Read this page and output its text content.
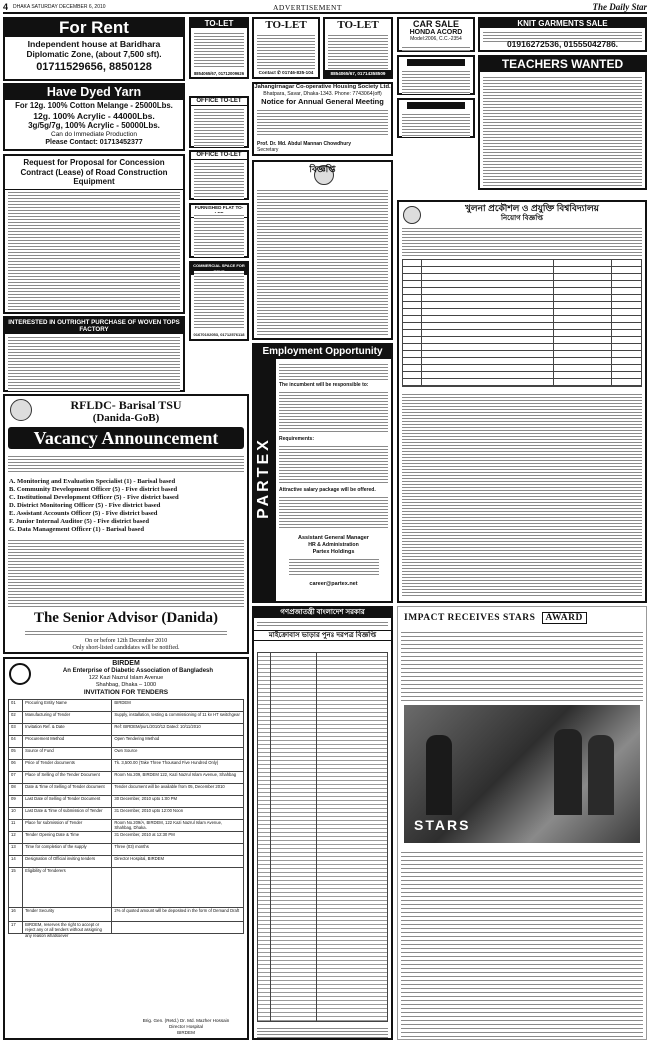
4 DHAKA SATURDAY DECEMBER 6, 2010	ADVERTISEMENT	The Daily Star
For Rent
Independent house at Baridhara
Diplomatic Zone, (about 7,500 sft).
01711529656, 8850128
TO-LET
8854065/67, 01712009626
TO-LET
Contact ✆ 01746-835-104
TO-LET
8854065/67, 01714358509
CAR SALE
HONDA ACORD
Model:2006, C.C.-2354
KNIT GARMENTS SALE
01916272536, 01555042786.
TEACHERS WANTED
Have Dyed Yarn
For 12g. 100% Cotton Melange - 25000Lbs.
12g. 100% Acrylic - 44000Lbs.
3g/5g/7g, 100% Acrylic - 50000Lbs.
Can do Immediate Production
Please Contact: 01713452377
OFFICE TO-LET
OFFICE TO-LET
FURNISHED FLAT TO-
COMMERCIAL SPACE FOR
01670102053, 01712576118
Jahangirnagar Co-operative Housing Society Ltd.
Bhatpara, Savar, Dhaka-1343. Phone: 7743064(off)
Notice for Annual General Meeting
Prof. Dr. Md. Abdul Mannan Chowdhury
Secretary
Request for Proposal for Concession Contract (Lease) of Road Construction Equipment
INTERESTED IN OUTRIGHT PURCHASE OF WOVEN TOPS FACTORY
বিজ্ঞপ্তি
Employment Opportunity
PARTEX
The incumbent will be responsible to:
Requirements:
Attractive salary package will be offered.
Assistant General Manager
HR & Administration
Partex Holdings
career@partex.net
খুলনা প্রকৌশল ও প্রযুক্তি বিশ্ববিদ্যালয়
নিয়োগ বিজ্ঞপ্তি
RFLDC- Barisal TSU
(Danida-GoB)
Vacancy Announcement
A. Monitoring and Evaluation Specialist (1) - Barisal based
B. Community Development Officer (5) - Five district based
C. Institutional Development Officer (5) - Five district based
D. District Monitoring Officer (5) - Five district based
E. Assistant Accounts Officer (5) - Five district based
F. Junior Internal Auditor (5) - Five district based
G. Data Management Officer (1) - Barisal based
The Senior Advisor (Danida)
On or before 12th December 2010
Only short-listed candidates will be notified.
BIRDEM
An Enterprise of Diabetic Association of Bangladesh
122 Kazi Nazrul Islam Avenue
Shahbag, Dhaka – 1000
INVITATION FOR TENDERS
01	Procuring Entity Name	BIRDEM
02	Manufacturing of Tender	Supply, installation, testing & commissioning of 11 kv HT switchgear
03	Invitation Ref. & Date	Ref: BIRDEM/purL/2010/12 Dated: 10/11/2010
04	Procurement Method	Open Tendering Method
05	Source of Fund	Own Source
06	Price of Tender documents	Tk. 3,500.00 (Take Three Thousand Five Hundred Only)
07	Place of Selling of the Tender Document	Room No.209, BIRDEM 122, Kazi Nazrul Islam Avenue, Shahbag
08	Date & Time of Selling of Tender document	Tender document will be available from 05, December 2010
09	Last Date of Selling of Tender Document	30 December, 2010 upto 1:00 PM
10	Last Date & Time of submission of Tender	31 December, 2010 upto 12:00 Noon
11	Place for submission of Tender	Room No.209/A, BIRDEM, 122 Kazi Nazrul Islam Avenue, Shahbag, Dhaka.
12	Tender Opening Date & Time	31 December, 2010 at 12:30 PM
13	Time for completion of the supply	Three (03) months
14	Designation of Official inviting tenders	Director Hospital, BIRDEM
15	Eligibility of Tenderers
16	Tender Security	2% of quoted amount will be deposited in the form of Demand Draft
17	BIRDEM, reserves the right to accept or reject any or all tenders without assigning any reason whatsoever
Brig. Gen. (Retd.) Dr. Md. Mazher Hossain
Director Hospital
BIRDEM
গণপ্রজাতন্ত্রী বাংলাদেশ সরকার
মাইক্রোবাস ভাড়ার পুনঃ দরপত্র বিজ্ঞপ্তি
IMPACT RECEIVES STARS AWARD
STARS
